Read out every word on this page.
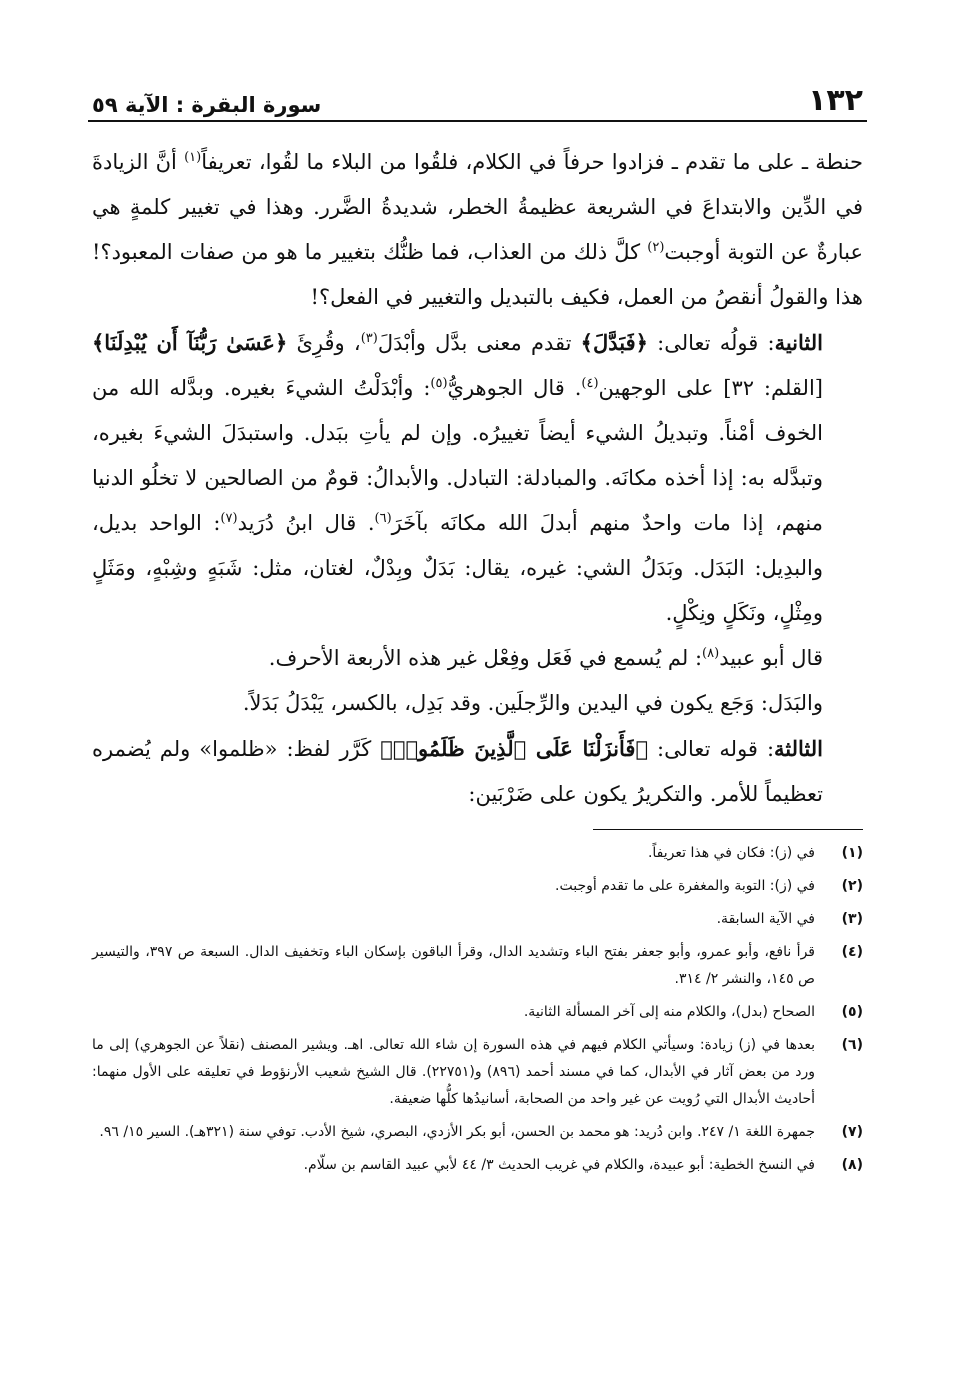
١٣٢
سورة البقرة : الآية ٥٩

حنطة ـ على ما تقدم ـ فزادوا حرفاً في الكلام، فلقُوا من البلاء ما لقُوا، تعريفاً$^{(١)}$ أنَّ الزيادةَ في الدِّين والابتداعَ في الشريعة عظيمةُ الخطر، شديدةُ الضَّرر. وهذا في تغيير كلمةٍ هي عبارةٌ عن التوبة أوجبت$^{(٢)}$ كلَّ ذلك من العذاب، فما ظنُّك بتغيير ما هو من صفات المعبود؟! هذا والقولُ أنقصُ من العمل، فكيف بالتبديل والتغيير في الفعل؟!

الثانية: قولُه تعالى: ﴿فَبَدَّلَ﴾ تقدم معنى بدَّل وأبْدَلَ$^{(٣)}$، وقُرِئَ ﴿عَسَىٰ رَبُّنَآ أَن يُبْدِلَنَا﴾ [القلم: ٣٢] على الوجهين$^{(٤)}$. قال الجوهريُّ$^{(٥)}$: وأبْدَلْتُ الشيءَ بغيره. وبدَّله الله من الخوف أمْناً. وتبديلُ الشيء أيضاً تغييرُه. وإن لم يأتِ ببَدل. واستبدَلَ الشيءَ بغيره، وتبدَّله به: إذا أخذه مكانَه. والمبادلة: التبادل. والأبدالُ: قومٌ من الصالحين لا تخلُو الدنيا منهم، إذا مات واحدٌ منهم أبدلَ الله مكانَه بآخَرَ$^{(٦)}$. قال ابنُ دُرَيد$^{(٧)}$: الواحد بديل، والبدِيل: البَدَل. وبَدَلُ الشي: غيره، يقال: بَدَلٌ وبِدْلٌ، لغتان، مثل: شَبَهٍ وشِبْهٍ، ومَثَلٍ ومِثْلٍ، ونَكَلٍ ونِكْلٍ.

قال أبو عبيد$^{(٨)}$: لم يُسمع في فَعَل وفِعْل غير هذه الأربعة الأحرف.

والبَدَل: وَجَع يكون في اليدين والرِّجلَين. وقد بَدِل، بالكسر، يَبْدَلُ بَدَلاً.

الثالثة: قوله تعالى: ﴿فَأَنزَلْنَا عَلَى ٱلَّذِينَ ظَلَمُوا۟﴾ كَرَّر لفظ: «ظلموا» ولم يُضمره تعظيماً للأمر. والتكريرُ يكون على ضَرْبَين:

(١)
في (ز): فكان في هذا تعريفاً.
(٢)
في (ز): التوبة والمغفرة على ما تقدم أوجبت.
(٣)
في الآية السابقة.
(٤)
قرأ نافع، وأبو عمرو، وأبو جعفر بفتح الباء وتشديد الدال، وقرأ الباقون بإسكان الباء وتخفيف الدال. السبعة ص ٣٩٧، والتيسير ص ١٤٥، والنشر ٢/ ٣١٤.
(٥)
الصحاح (بدل)، والكلام منه إلى آخر المسألة الثانية.
(٦)
بعدها في (ز) زيادة: وسيأتي الكلام فيهم في هذه السورة إن شاء الله تعالى. اهـ. ويشير المصنف (نقلاً عن الجوهري) إلى ما ورد من بعض آثار في الأبدال، كما في مسند أحمد (٨٩٦) و(٢٢٧٥١). قال الشيخ شعيب الأرنؤوط في تعليقه على الأول منهما: أحاديث الأبدال التي رُويت عن غير واحد من الصحابة، أسانيدُها كلُّها ضعيفة.
(٧)
جمهرة اللغة ١/ ٢٤٧. وابن دُريد: هو محمد بن الحسن، أبو بكر الأزدي، البصري، شيخ الأدب. توفي سنة (٣٢١هـ). السير ١٥/ ٩٦.
(٨)
في النسخ الخطية: أبو عبيدة، والكلام في غريب الحديث ٣/ ٤٤ لأبي عبيد القاسم بن سلّام.
